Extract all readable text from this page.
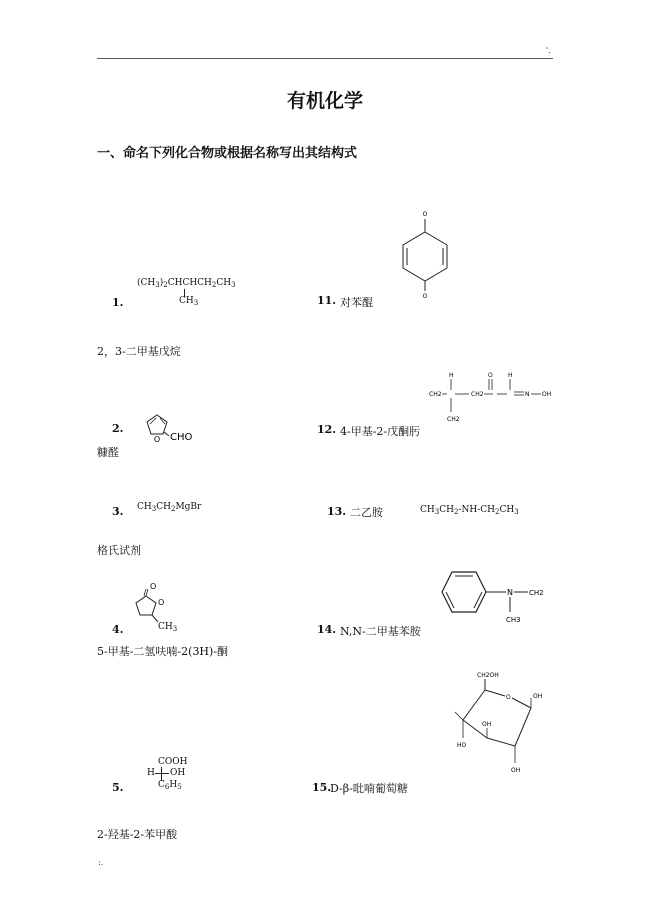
'.
:.
有机化学
一、命名下列化合物或根据名称写出其结构式
$(CH_3)_2CHCHCH_2CH_3$
$CH_3$
1.
2，3-二甲基戊烷
O
O
11. 对苯醌
CH2
H
CH2
CH2
O	H
N OH
12. 4-甲基-2-戊酮肟
2.
O CHO
糠醛
3. $CH_3CH_2MgBr$	13. 二乙胺	$CH_3CH_2-NH-CH_2CH_3$
格氏试剂
N CH2
CH3
O
O
$CH_3$
4.	14. N,N-二甲基苯胺
5-甲基-二氢呋喃-2(3H)-酮
CH2OH
O	OH
OH
OH
HO
15.
D-β-吡喃葡萄糖
COOH
H OH
$C_6H_5$
5.
2-羟基-2-苯甲酸
